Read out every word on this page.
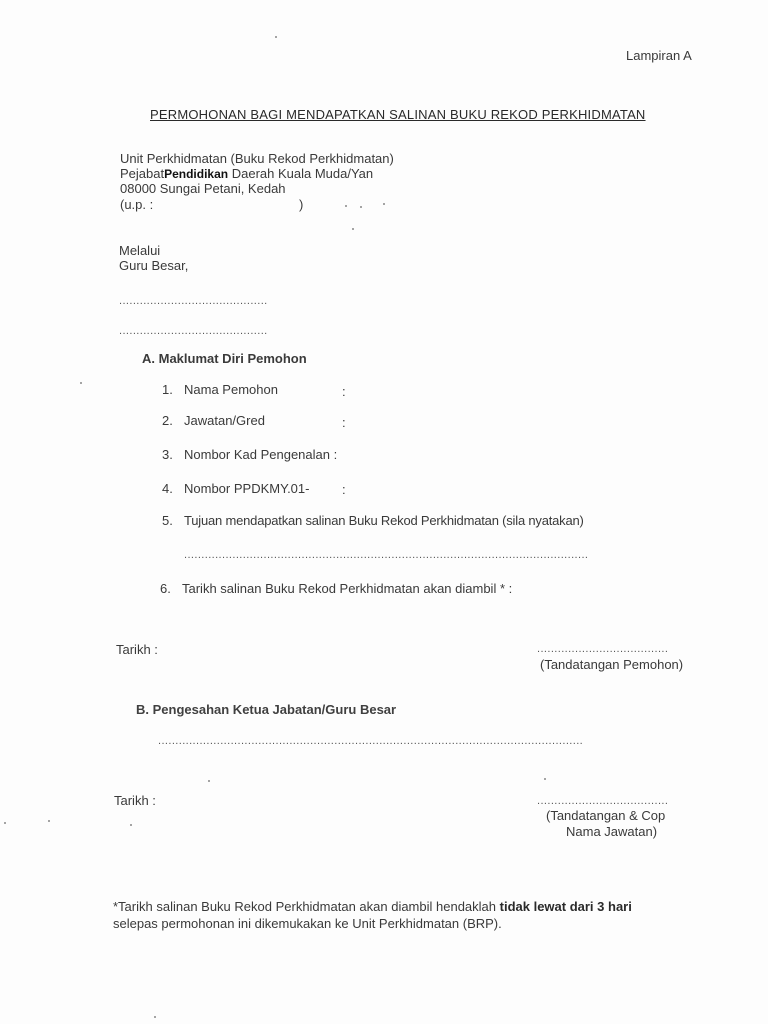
Lampiran A
PERMOHONAN BAGI MENDAPATKAN SALINAN BUKU REKOD PERKHIDMATAN
Unit Perkhidmatan (Buku Rekod Perkhidmatan)
PejabatPendidikan Daerah Kuala Muda/Yan
08000 Sungai Petani, Kedah
(u.p. :	)
Melalui
Guru Besar,
...........................................
...........................................
A. Maklumat Diri Pemohon
1. Nama Pemohon	:
2. Jawatan/Gred	:
3. Nombor Kad Pengenalan :
4. Nombor PPDKMY.01-	:
5. Tujuan mendapatkan salinan Buku Rekod Perkhidmatan (sila nyatakan)
.....................................................................................................................
6. Tarikh salinan Buku Rekod Perkhidmatan akan diambil * :
Tarikh :	......................................
(Tandatangan Pemohon)
B. Pengesahan Ketua Jabatan/Guru Besar
...........................................................................................................................
Tarikh :	......................................
(Tandatangan & Cop
Nama Jawatan)
*Tarikh salinan Buku Rekod Perkhidmatan akan diambil hendaklah tidak lewat dari 3 hari
selepas permohonan ini dikemukakan ke Unit Perkhidmatan (BRP).
